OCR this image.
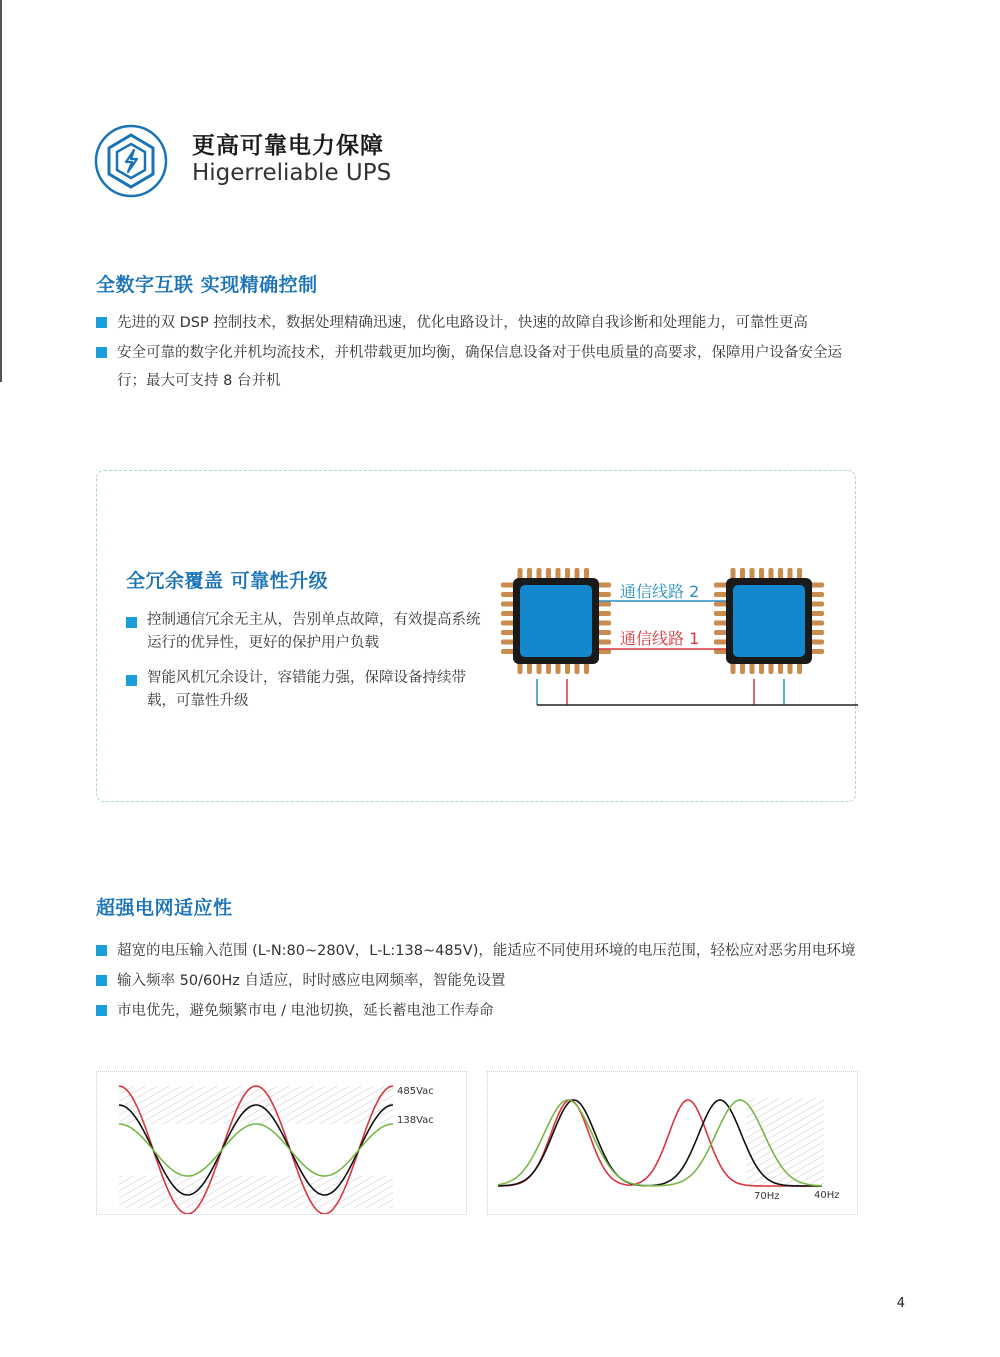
更高可靠电力保障
Higerreliable UPS
全数字互联 实现精确控制
先进的双 DSP 控制技术，数据处理精确迅速，优化电路设计，快速的故障自我诊断和处理能力，可靠性更高
安全可靠的数字化并机均流技术，并机带载更加均衡，确保信息设备对于供电质量的高要求，保障用户设备安全运行；最大可支持 8 台并机
全冗余覆盖 可靠性升级
控制通信冗余无主从，告别单点故障，有效提高系统运行的优异性，更好的保护用户负载
智能风机冗余设计，容错能力强，保障设备持续带载，可靠性升级
通信线路 2
通信线路 1
超强电网适应性
超宽的电压输入范围 (L-N:80~280V，L-L:138~485V)，能适应不同使用环境的电压范围，轻松应对恶劣用电环境
输入频率 50/60Hz 自适应，时时感应电网频率，智能免设置
市电优先，避免频繁市电 / 电池切换，延长蓄电池工作寿命
485Vac
138Vac
70Hz	40Hz
4
